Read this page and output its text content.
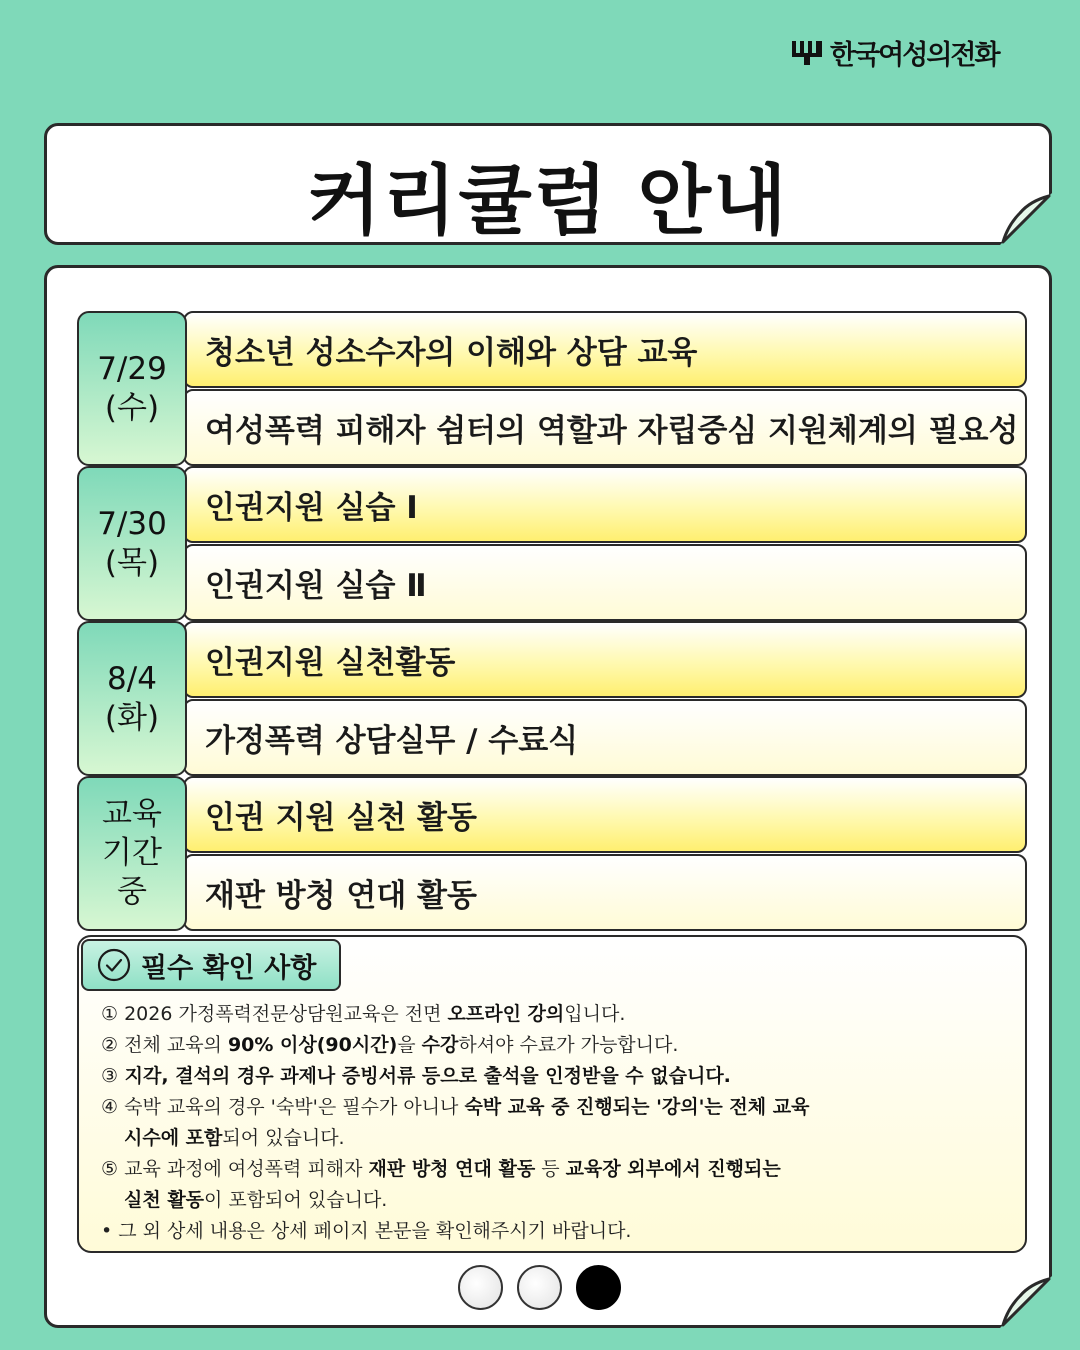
한국여성의전화
커리큘럼 안내
7/29
(수)
청소년 성소수자의 이해와 상담 교육
여성폭력 피해자 쉼터의 역할과 자립중심 지원체계의 필요성
7/30
(목)
인권지원 실습 Ⅰ
인권지원 실습 Ⅱ
8/4
(화)
인권지원 실천활동
가정폭력 상담실무 / 수료식
교육
기간
중
인권 지원 실천 활동
재판 방청 연대 활동
필수 확인 사항
① 2026 가정폭력전문상담원교육은 전면 오프라인 강의입니다.
② 전체 교육의 90% 이상(90시간)을 수강하셔야 수료가 가능합니다.
③ 지각, 결석의 경우 과제나 증빙서류 등으로 출석을 인정받을 수 없습니다.
④ 숙박 교육의 경우 '숙박'은 필수가 아니나 숙박 교육 중 진행되는 '강의'는 전체 교육
시수에 포함되어 있습니다.
⑤ 교육 과정에 여성폭력 피해자 재판 방청 연대 활동 등 교육장 외부에서 진행되는
실천 활동이 포함되어 있습니다.
• 그 외 상세 내용은 상세 페이지 본문을 확인해주시기 바랍니다.
